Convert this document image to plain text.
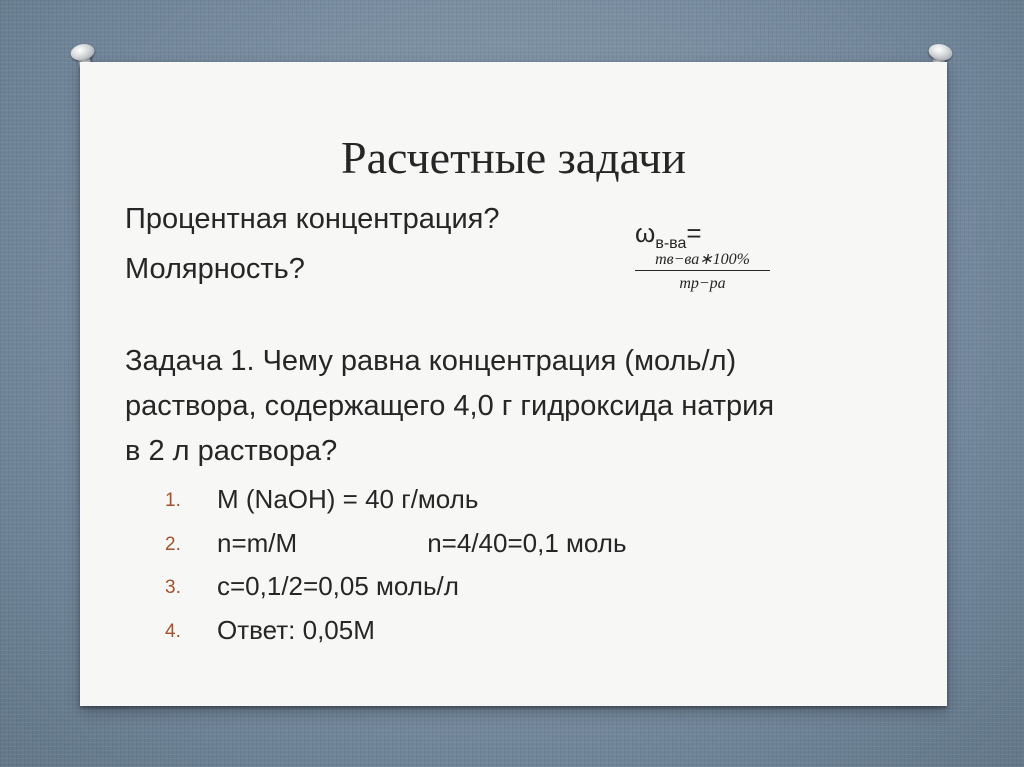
Расчетные задачи
Процентная концентрация?
Молярность?
$\omega_{в-ва}=$
mв−ва∗100%
mр−ра
Задача 1. Чему равна концентрация (моль/л)
раствора, содержащего 4,0 г гидроксида натрия
в 2 л раствора?
1. M (NaOH) = 40 г/моль
2. n=m/M                  n=4/40=0,1 моль
3. c=0,1/2=0,05 моль/л
4. Ответ: 0,05М
